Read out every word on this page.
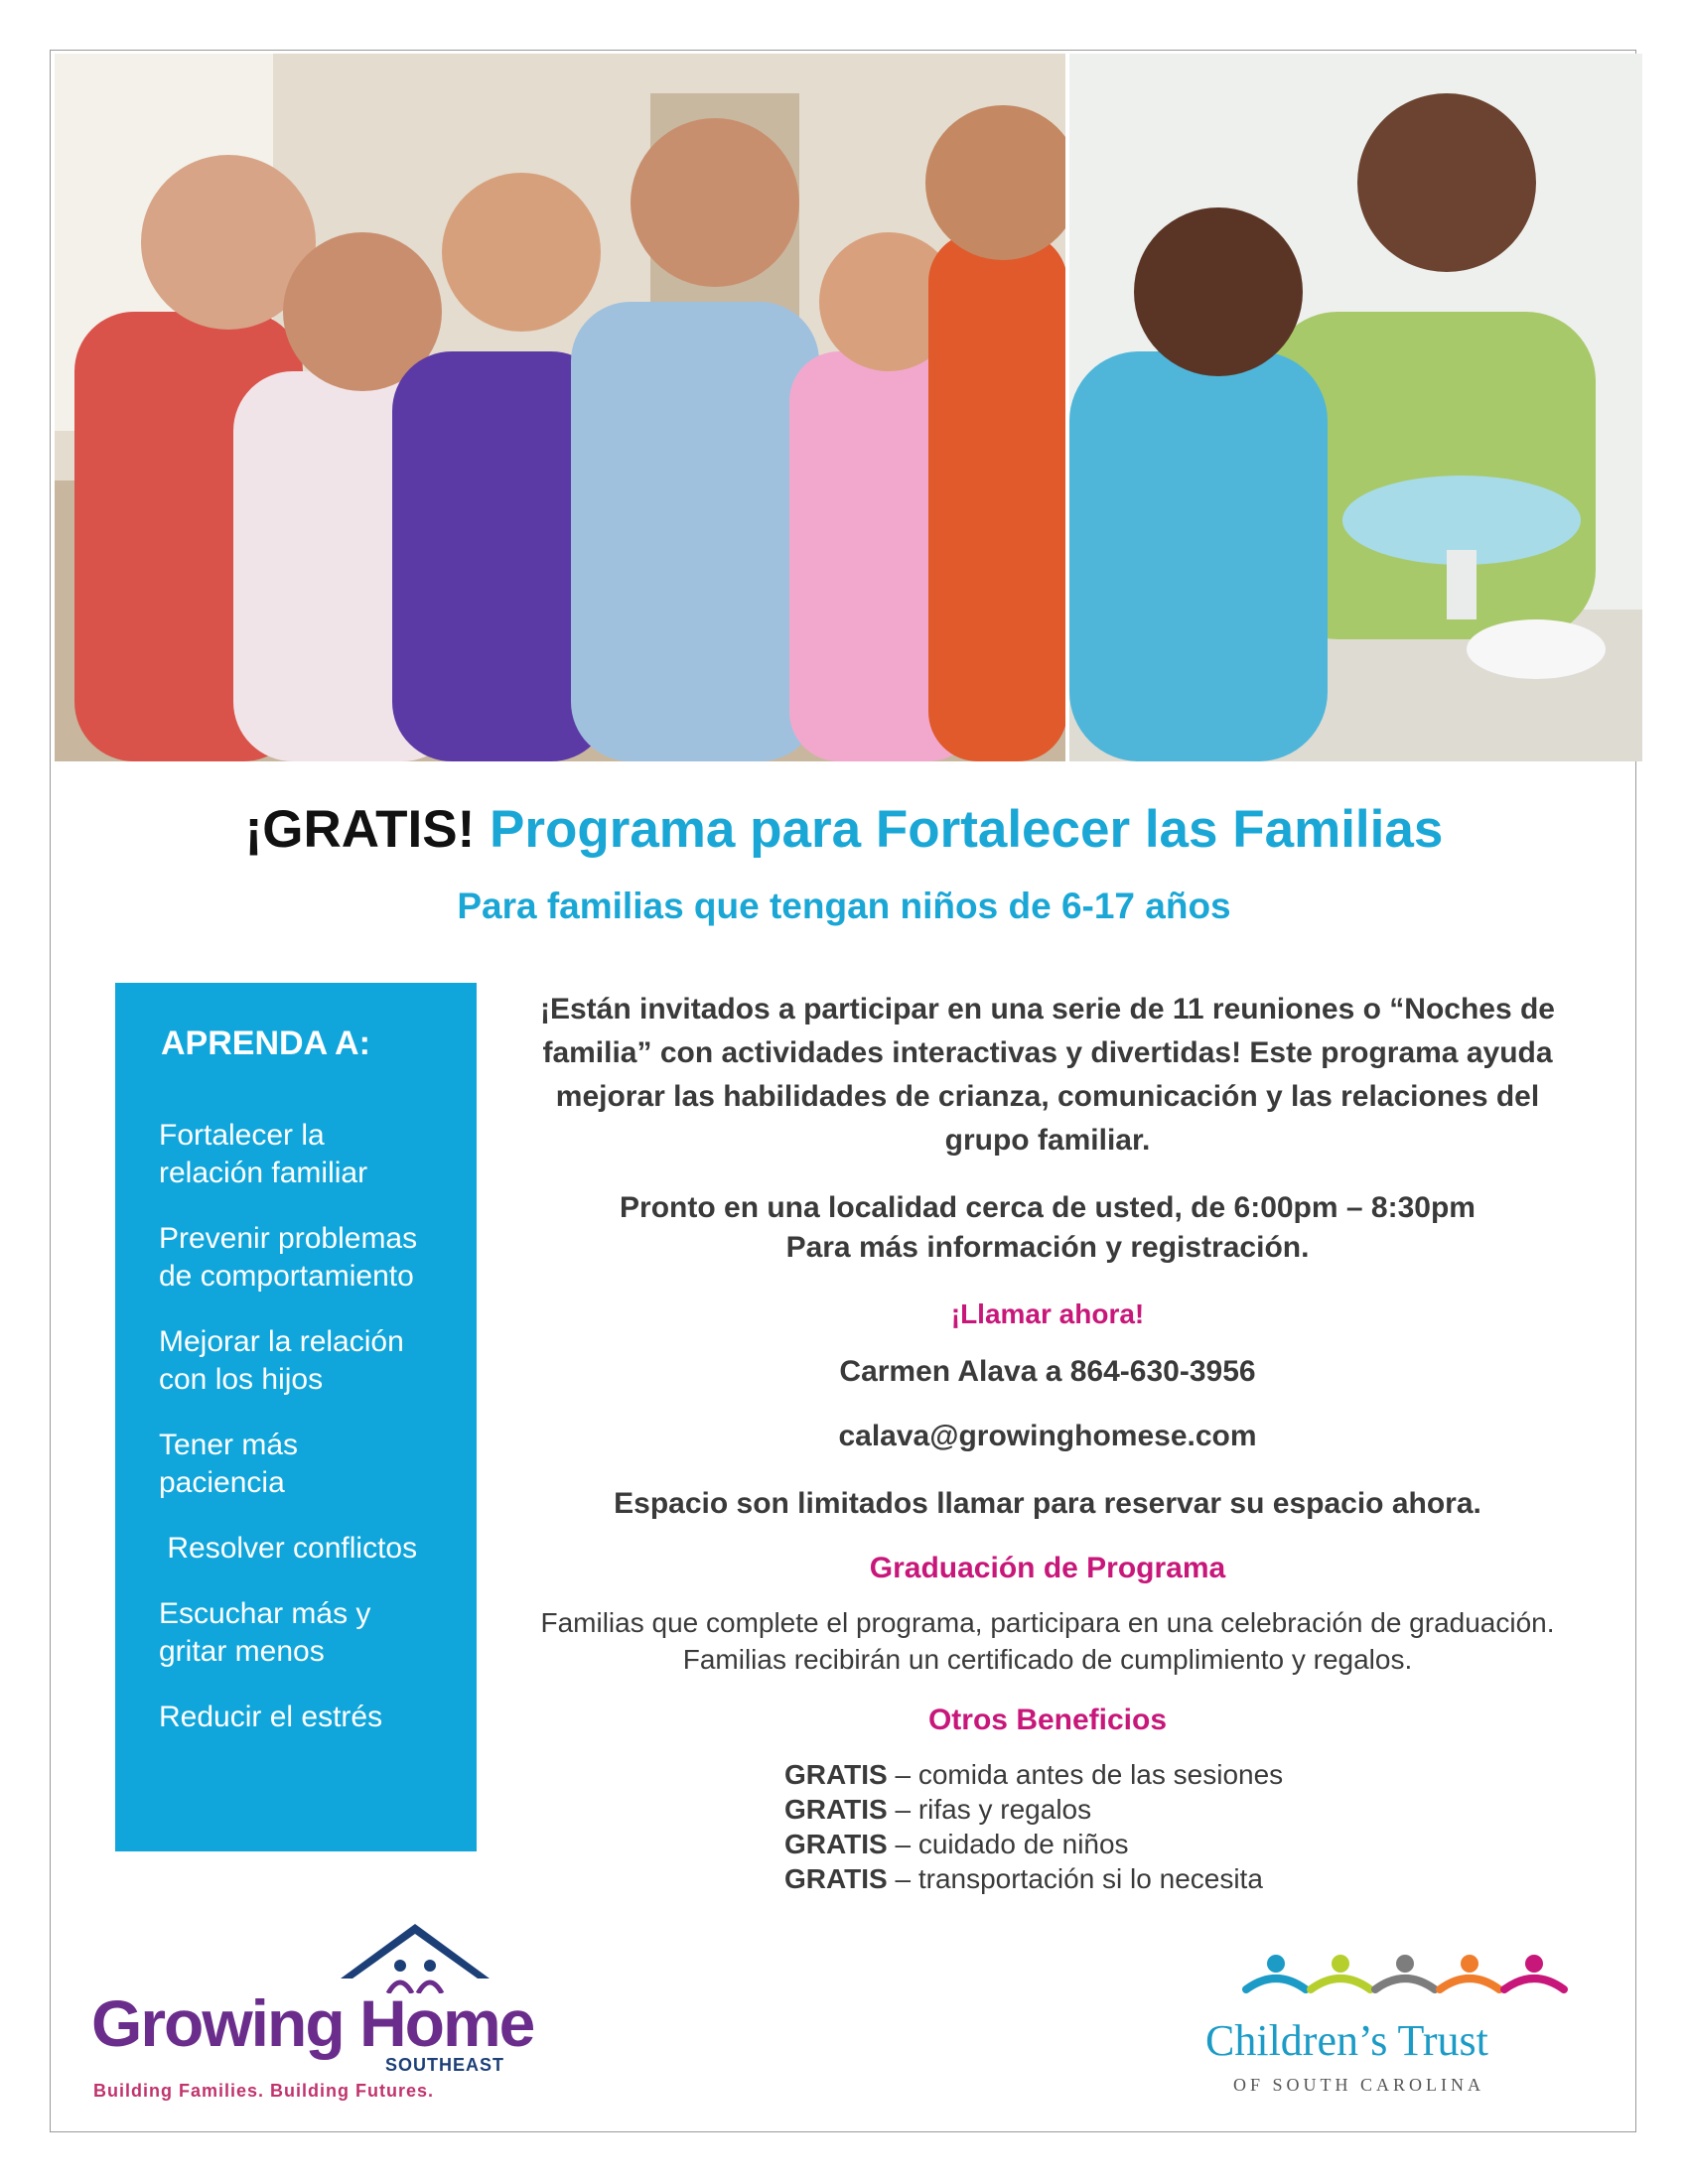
¡GRATIS! Programa para Fortalecer las Familias
Para familias que tengan niños de 6-17 años
APRENDA A:
Fortalecer la
relación familiar
Prevenir problemas
de comportamiento
Mejorar la relación
con los hijos
Tener más
paciencia
Resolver conflictos
Escuchar más y
gritar menos
Reducir el estrés
¡Están invitados a participar en una serie de 11 reuniones o “Noches de familia” con actividades interactivas y divertidas! Este programa ayuda mejorar las habilidades de crianza, comunicación y las relaciones del grupo familiar.
Pronto en una localidad cerca de usted, de 6:00pm – 8:30pm
Para más información y registración.
¡Llamar ahora!
Carmen Alava a 864-630-3956
calava@growinghomese.com
Espacio son limitados llamar para reservar su espacio ahora.
Graduación de Programa
Familias que complete el programa, participara en una celebración de graduación. Familias recibirán un certificado de cumplimiento y regalos.
Otros Beneficios
GRATIS – comida antes de las sesiones
GRATIS – rifas y regalos
GRATIS – cuidado de niños
GRATIS – transportación si lo necesita
Growing Home
SOUTHEAST
Building Families. Building Futures.
Children’s Trust
OF SOUTH CAROLINA
